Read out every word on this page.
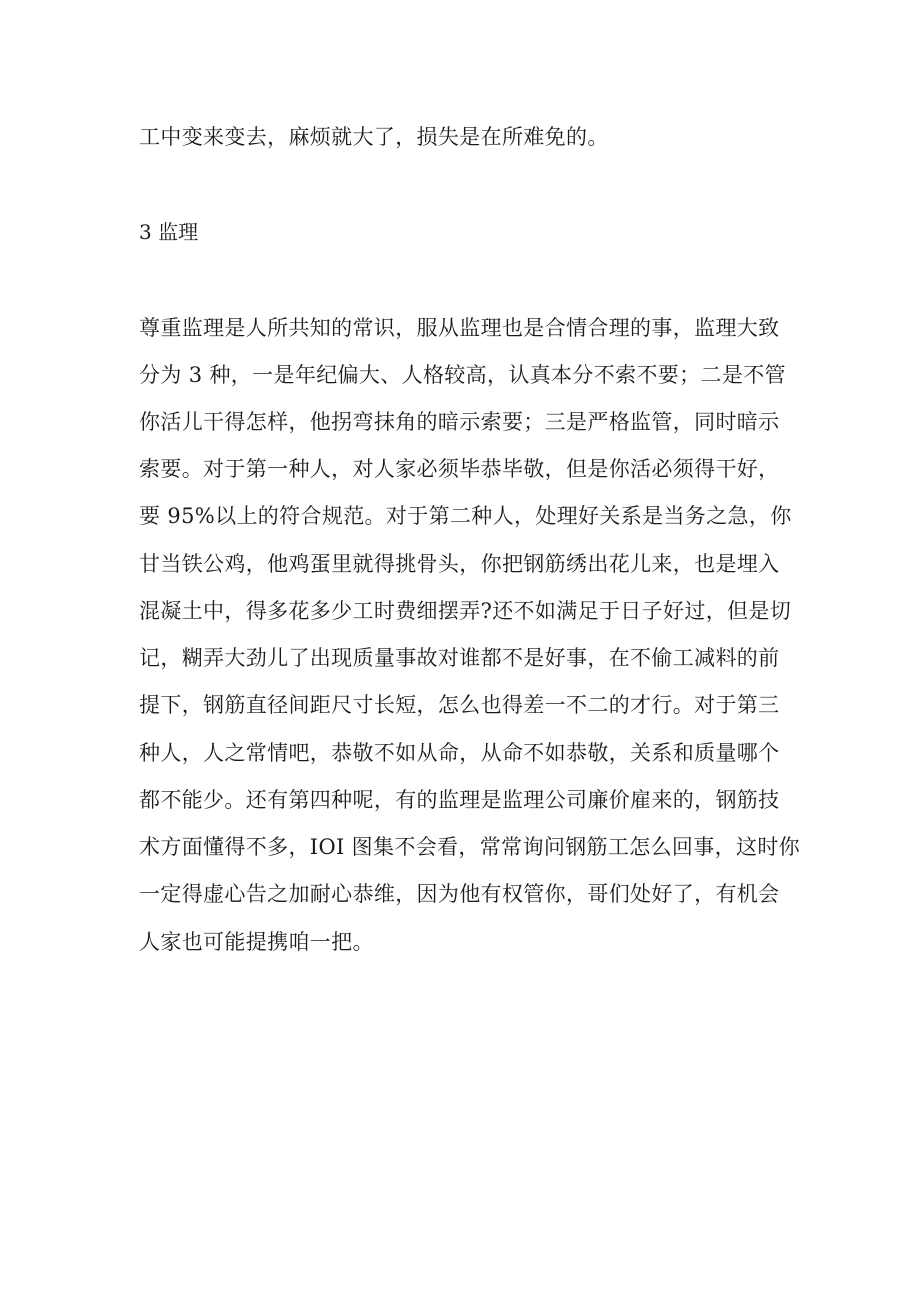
工中变来变去，麻烦就大了，损失是在所难免的。
3 监理
尊重监理是人所共知的常识，服从监理也是合情合理的事，监理大致
分为 3 种，一是年纪偏大、人格较高，认真本分不索不要；二是不管
你活儿干得怎样，他拐弯抹角的暗示索要；三是严格监管，同时暗示
索要。对于第一种人，对人家必须毕恭毕敬，但是你活必须得干好，
要 95%以上的符合规范。对于第二种人，处理好关系是当务之急，你
甘当铁公鸡，他鸡蛋里就得挑骨头，你把钢筋绣出花儿来，也是埋入
混凝土中，得多花多少工时费细摆弄?还不如满足于日子好过，但是切
记，糊弄大劲儿了出现质量事故对谁都不是好事，在不偷工减料的前
提下，钢筋直径间距尺寸长短，怎么也得差一不二的才行。对于第三
种人，人之常情吧，恭敬不如从命，从命不如恭敬，关系和质量哪个
都不能少。还有第四种呢，有的监理是监理公司廉价雇来的，钢筋技
术方面懂得不多，IOI 图集不会看，常常询问钢筋工怎么回事，这时你
一定得虚心告之加耐心恭维，因为他有权管你，哥们处好了，有机会
人家也可能提携咱一把。
